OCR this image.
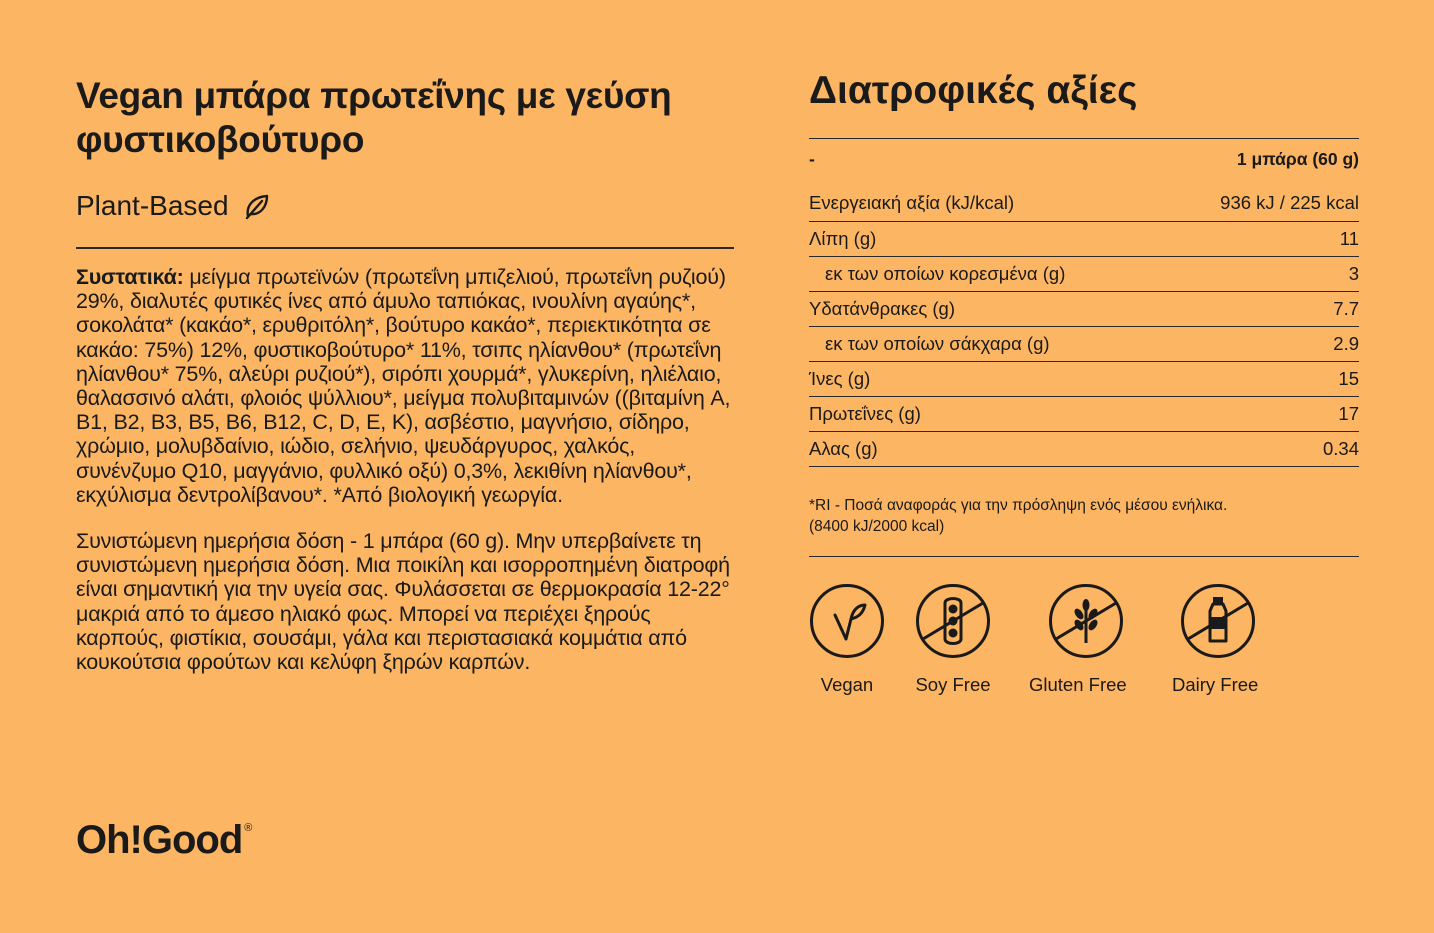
Vegan μπάρα πρωτεΐνης με γεύση φυστικοβούτυρο
Plant-Based
Συστατικά: μείγμα πρωτεϊνών (πρωτεΐνη μπιζελιού, πρωτεΐνη ρυζιού) 29%, διαλυτές φυτικές ίνες από άμυλο ταπιόκας, ινουλίνη αγαύης*, σοκολάτα* (κακάο*, ερυθριτόλη*, βούτυρο κακάο*, περιεκτικότητα σε κακάο: 75%) 12%, φυστικοβούτυρο* 11%, τσιπς ηλίανθου* (πρωτεΐνη ηλίανθου* 75%, αλεύρι ρυζιού*), σιρόπι χουρμά*, γλυκερίνη, ηλιέλαιο, θαλασσινό αλάτι, φλοιός ψύλλιου*, μείγμα πολυβιταμινών ((βιταμίνη A, B1, B2, B3, B5, B6, B12, C, D, E, K), ασβέστιο, μαγνήσιο, σίδηρο, χρώμιο, μολυβδαίνιο, ιώδιο, σελήνιο, ψευδάργυρος, χαλκός, συνένζυμο Q10, μαγγάνιο, φυλλικό οξύ) 0,3%, λεκιθίνη ηλίανθου*, εκχύλισμα δεντρολίβανου*. *Από βιολογική γεωργία.
Συνιστώμενη ημερήσια δόση - 1 μπάρα (60 g). Μην υπερβαίνετε τη συνιστώμενη ημερήσια δόση. Μια ποικίλη και ισορροπημένη διατροφή είναι σημαντική για την υγεία σας. Φυλάσσεται σε θερμοκρασία 12-22° μακριά από το άμεσο ηλιακό φως. Μπορεί να περιέχει ξηρούς καρπούς, φιστίκια, σουσάμι, γάλα και περιστασιακά κομμάτια από κουκούτσια φρούτων και κελύφη ξηρών καρπών.
Oh!Good®
Διατροφικές αξίες
-	1 μπάρα (60 g)
Ενεργειακή αξία (kJ/kcal)	936 kJ / 225 kcal
Λίπη (g)	11
εκ των οποίων κορεσμένα (g)	3
Υδατάνθρακες (g)	7.7
εκ των οποίων σάκχαρα (g)	2.9
Ίνες (g)	15
Πρωτεΐνες (g)	17
Αλας (g)	0.34
*RI - Ποσά αναφοράς για την πρόσληψη ενός μέσου ενήλικα.
(8400 kJ/2000 kcal)
Vegan Soy Free Gluten Free Dairy Free
